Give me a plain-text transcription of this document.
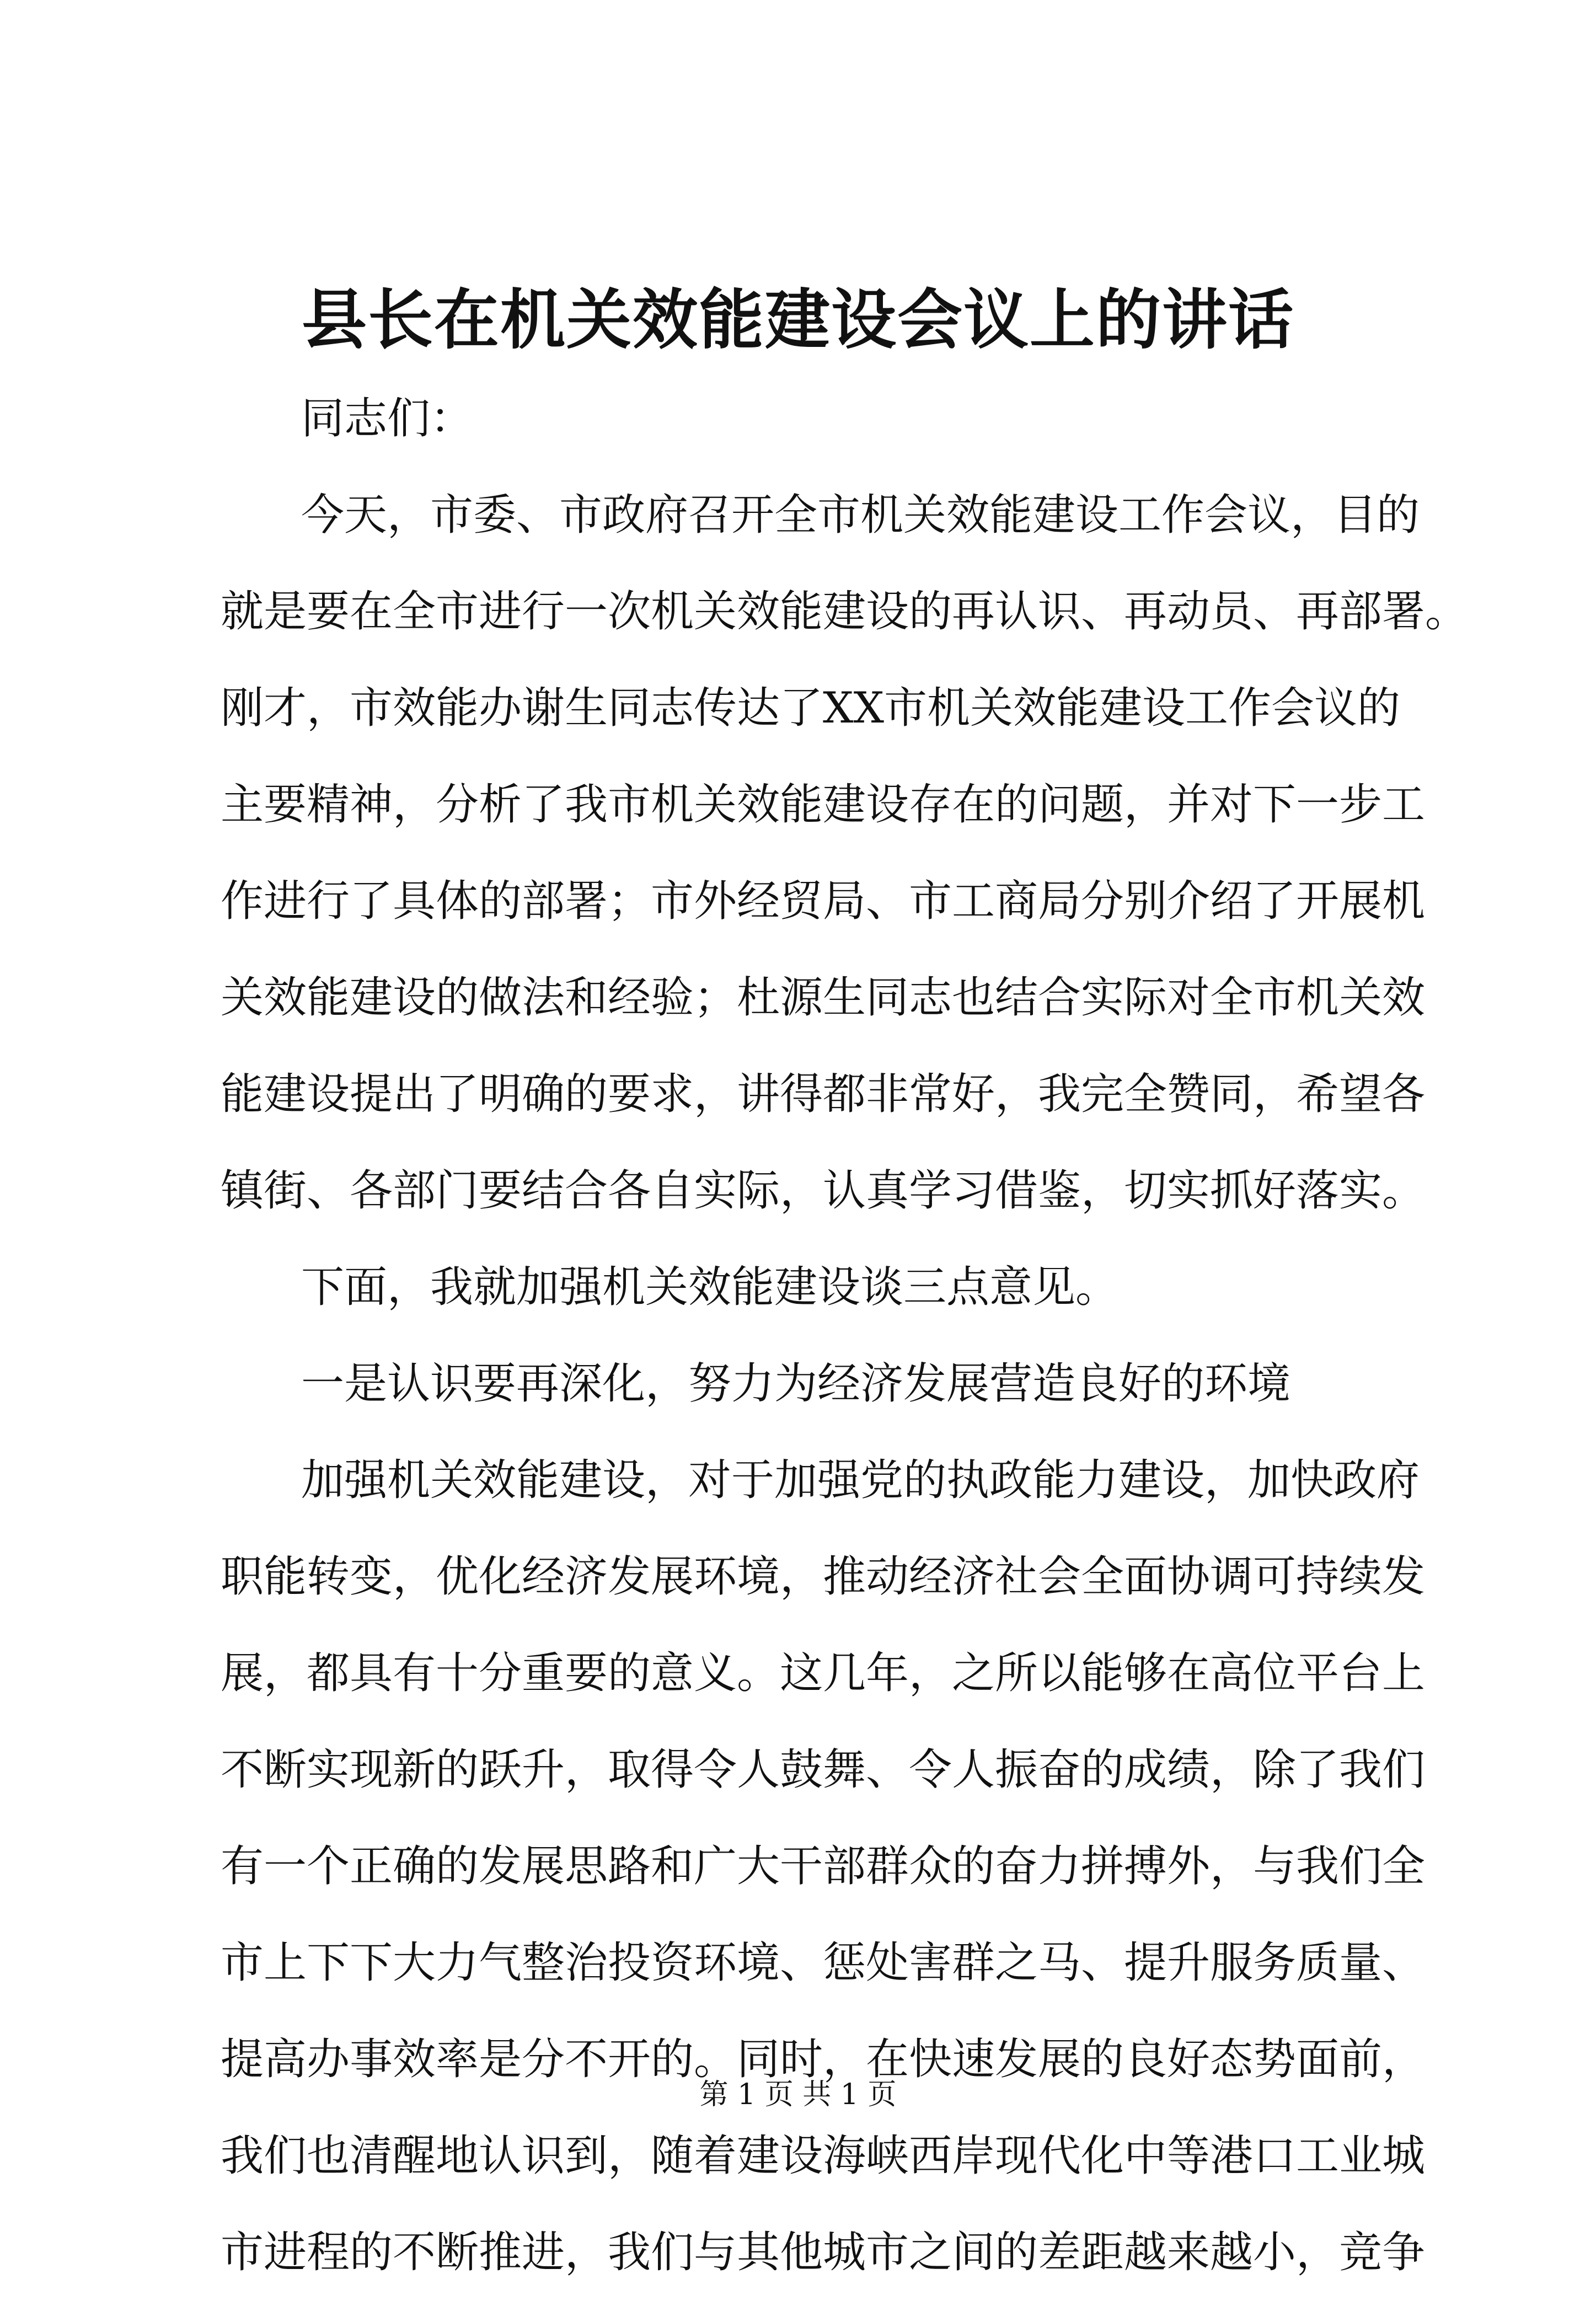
县长在机关效能建设会议上的讲话
同志们：
今天，市委、市政府召开全市机关效能建设工作会议，目的
就是要在全市进行一次机关效能建设的再认识、再动员、再部署。
刚才，市效能办谢生同志传达了XX市机关效能建设工作会议的
主要精神，分析了我市机关效能建设存在的问题，并对下一步工
作进行了具体的部署；市外经贸局、市工商局分别介绍了开展机
关效能建设的做法和经验；杜源生同志也结合实际对全市机关效
能建设提出了明确的要求，讲得都非常好，我完全赞同，希望各
镇街、各部门要结合各自实际，认真学习借鉴，切实抓好落实。
下面，我就加强机关效能建设谈三点意见。
一是认识要再深化，努力为经济发展营造良好的环境
加强机关效能建设，对于加强党的执政能力建设，加快政府
职能转变，优化经济发展环境，推动经济社会全面协调可持续发
展，都具有十分重要的意义。这几年，之所以能够在高位平台上
不断实现新的跃升，取得令人鼓舞、令人振奋的成绩，除了我们
有一个正确的发展思路和广大干部群众的奋力拼搏外，与我们全
市上下下大力气整治投资环境、惩处害群之马、提升服务质量、
提高办事效率是分不开的。同时，在快速发展的良好态势面前，
我们也清醒地认识到，随着建设海峡西岸现代化中等港口工业城
市进程的不断推进，我们与其他城市之间的差距越来越小，竞争
第 1 页 共 1 页
